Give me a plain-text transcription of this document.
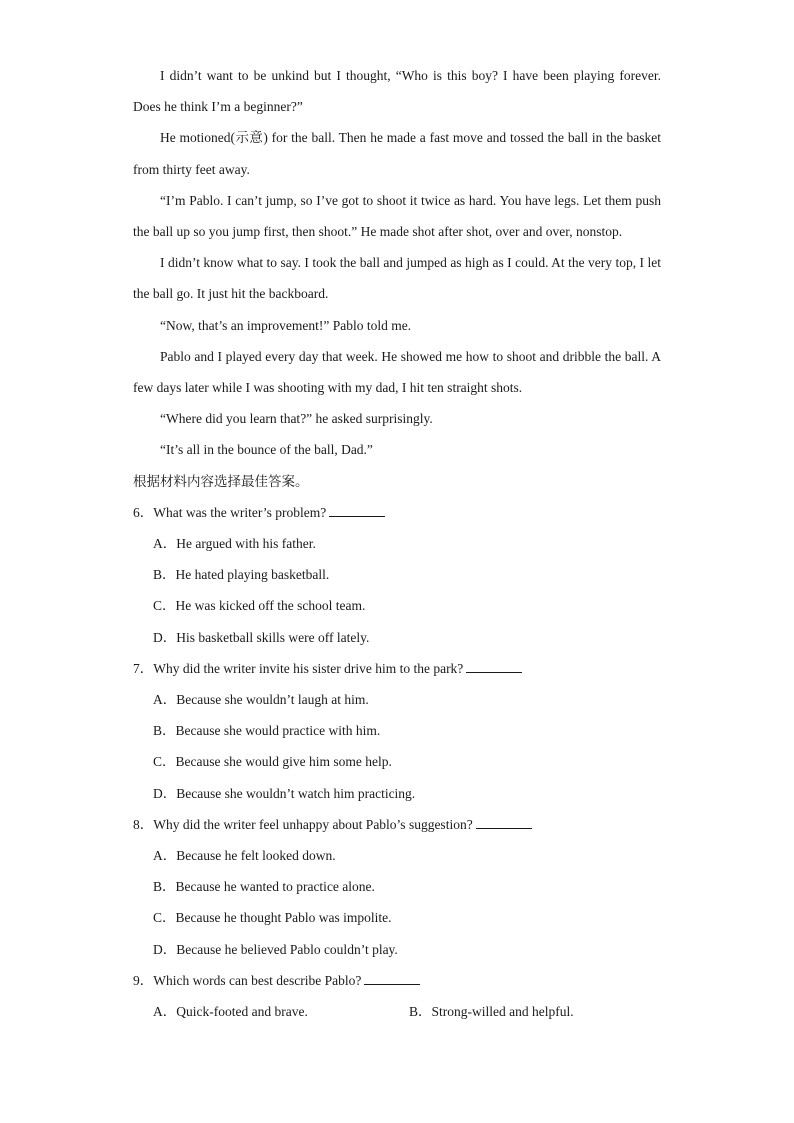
I didn’t want to be unkind but I thought, “Who is this boy? I have been playing forever. Does he think I’m a beginner?”

He motioned(示意) for the ball. Then he made a fast move and tossed the ball in the basket from thirty feet away.

“I’m Pablo. I can’t jump, so I’ve got to shoot it twice as hard. You have legs. Let them push the ball up so you jump first, then shoot.” He made shot after shot, over and over, nonstop.

I didn’t know what to say. I took the ball and jumped as high as I could. At the very top, I let the ball go. It just hit the backboard.

“Now, that’s an improvement!” Pablo told me.

Pablo and I played every day that week. He showed me how to shoot and dribble the ball. A few days later while I was shooting with my dad, I hit ten straight shots.

“Where did you learn that?” he asked surprisingly.

“It’s all in the bounce of the ball, Dad.”

根据材料内容选择最佳答案。

6．What was the writer’s problem?

A．He argued with his father.

B．He hated playing basketball.

C．He was kicked off the school team.

D．His basketball skills were off lately.

7．Why did the writer invite his sister drive him to the park?

A．Because she wouldn’t laugh at him.

B．Because she would practice with him.

C．Because she would give him some help.

D．Because she wouldn’t watch him practicing.

8．Why did the writer feel unhappy about Pablo’s suggestion?

A．Because he felt looked down.

B．Because he wanted to practice alone.

C．Because he thought Pablo was impolite.

D．Because he believed Pablo couldn’t play.

9．Which words can best describe Pablo?

A．Quick-footed and brave.	B．Strong-willed and helpful.
